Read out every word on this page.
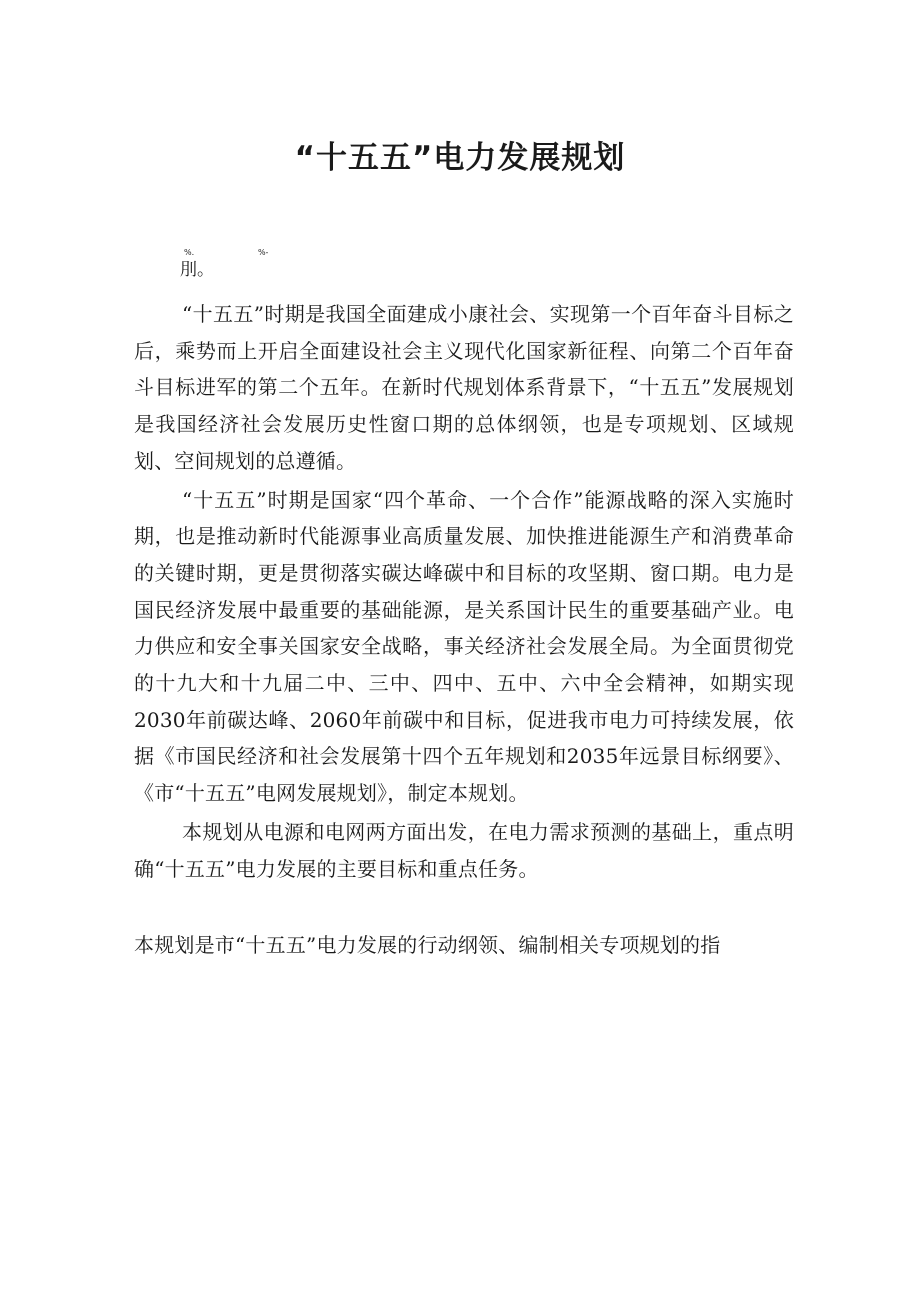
“十五五”电力发展规划
%.	%-
刖。

“十五五”时期是我国全面建成小康社会、实现第一个百年奋斗目标之后，乘势而上开启全面建设社会主义现代化国家新征程、向第二个百年奋斗目标进军的第二个五年。在新时代规划体系背景下，“十五五”发展规划是我国经济社会发展历史性窗口期的总体纲领，也是专项规划、区域规划、空间规划的总遵循。

“十五五”时期是国家“四个革命、一个合作”能源战略的深入实施时期，也是推动新时代能源事业高质量发展、加快推进能源生产和消费革命的关键时期，更是贯彻落实碳达峰碳中和目标的攻坚期、窗口期。电力是国民经济发展中最重要的基础能源，是关系国计民生的重要基础产业。电力供应和安全事关国家安全战略，事关经济社会发展全局。为全面贯彻党的十九大和十九届二中、三中、四中、五中、六中全会精神，如期实现2030年前碳达峰、2060年前碳中和目标，促进我市电力可持续发展，依据《市国民经济和社会发展第十四个五年规划和2035年远景目标纲要》、《市“十五五”电网发展规划》，制定本规划。

本规划从电源和电网两方面出发，在电力需求预测的基础上，重点明确“十五五”电力发展的主要目标和重点任务。

本规划是市“十五五”电力发展的行动纲领、编制相关专项规划的指
